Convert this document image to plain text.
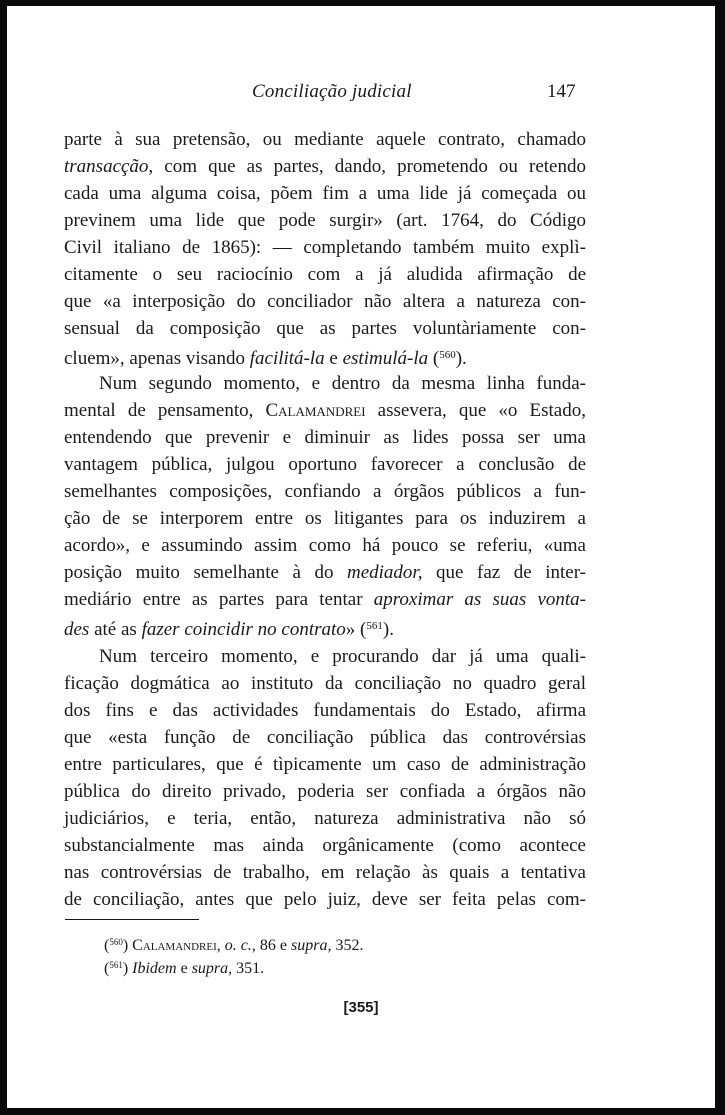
Conciliação judicial	147
parte à sua pretensão, ou mediante aquele contrato, chamado
transacção, com que as partes, dando, prometendo ou retendo
cada uma alguma coisa, põem fim a uma lide já começada ou
previnem uma lide que pode surgir» (art. 1764, do Código
Civil italiano de 1865): — completando também muito explì-
citamente o seu raciocínio com a já aludida afirmação de
que «a interposição do conciliador não altera a natureza con-
sensual da composição que as partes voluntàriamente con-
cluem», apenas visando facilitá-la e estimulá-la ($^{560}$).
Num segundo momento, e dentro da mesma linha funda-
mental de pensamento, Calamandrei assevera, que «o Estado,
entendendo que prevenir e diminuir as lides possa ser uma
vantagem pública, julgou oportuno favorecer a conclusão de
semelhantes composições, confiando a órgãos públicos a fun-
ção de se interporem entre os litigantes para os induzirem a
acordo», e assumindo assim como há pouco se referiu, «uma
posição muito semelhante à do mediador, que faz de inter-
mediário entre as partes para tentar aproximar as suas vonta-
des até as fazer coincidir no contrato» ($^{561}$).
Num terceiro momento, e procurando dar já uma quali-
ficação dogmática ao instituto da conciliação no quadro geral
dos fins e das actividades fundamentais do Estado, afirma
que «esta função de conciliação pública das controvérsias
entre particulares, que é tìpicamente um caso de administração
pública do direito privado, poderia ser confiada a órgãos não
judiciários, e teria, então, natureza administrativa não só
substancialmente mas ainda orgânicamente (como acontece
nas controvérsias de trabalho, em relação às quais a tentativa
de conciliação, antes que pelo juiz, deve ser feita pelas com-
($^{560}$) Calamandrei, o. c., 86 e supra, 352.
($^{561}$) Ibidem e supra, 351.
[355]
